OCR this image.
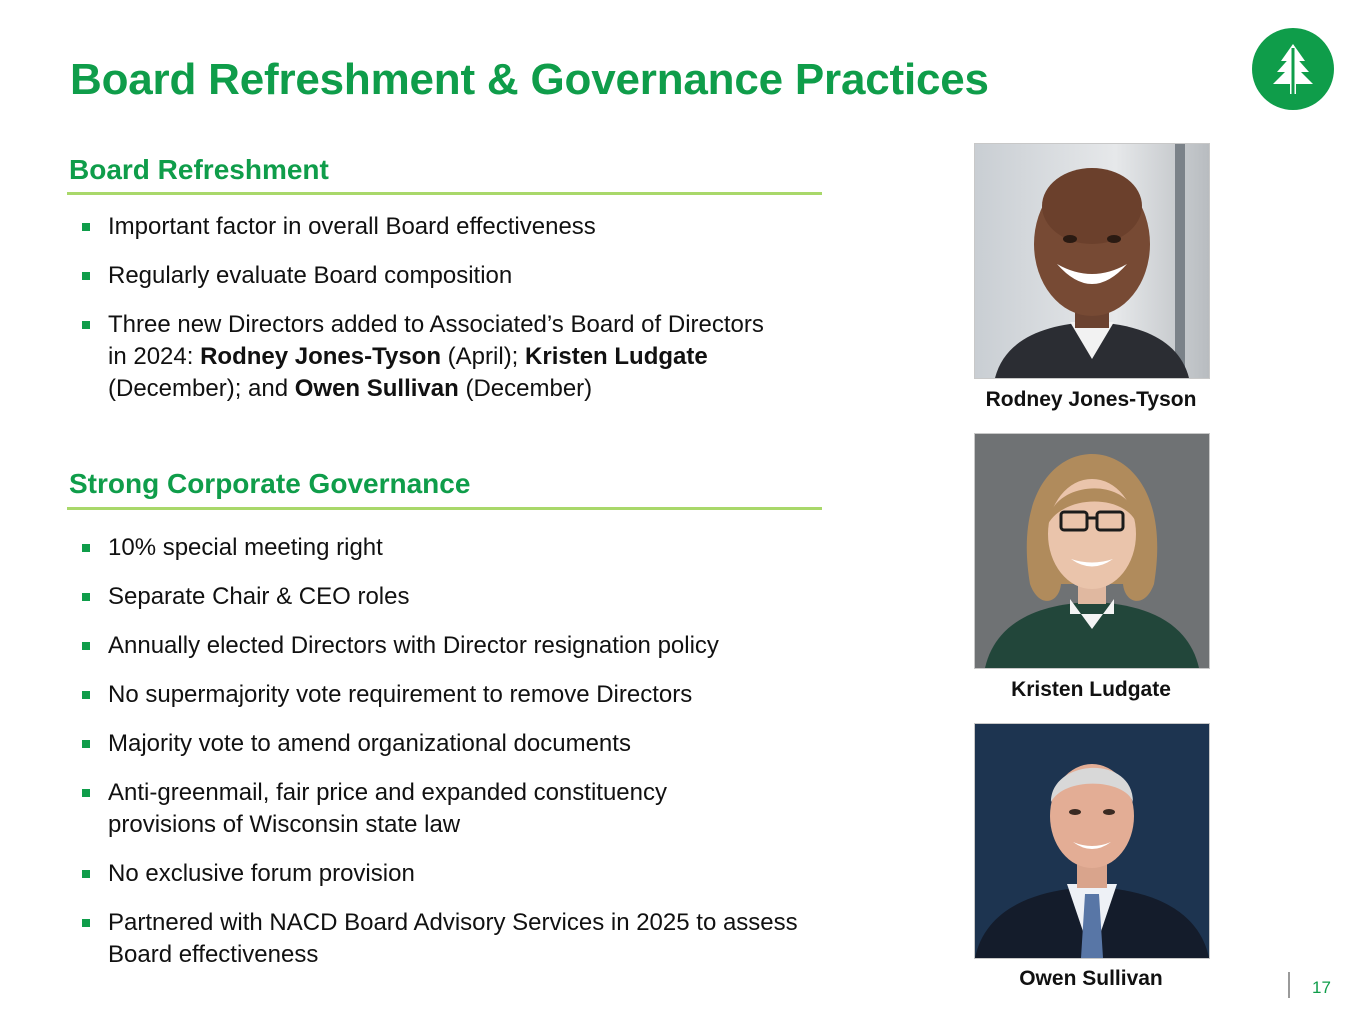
Board Refreshment & Governance Practices
Board Refreshment
Important factor in overall Board effectiveness
Regularly evaluate Board composition
Three new Directors added to Associated’s Board of Directors in 2024: Rodney Jones-Tyson (April); Kristen Ludgate (December); and Owen Sullivan (December)
Strong Corporate Governance
10% special meeting right
Separate Chair & CEO roles
Annually elected Directors with Director resignation policy
No supermajority vote requirement to remove Directors
Majority vote to amend organizational documents
Anti-greenmail, fair price and expanded constituency provisions of Wisconsin state law
No exclusive forum provision
Partnered with NACD Board Advisory Services in 2025 to assess Board effectiveness
Rodney Jones-Tyson
Kristen Ludgate
Owen Sullivan	17
